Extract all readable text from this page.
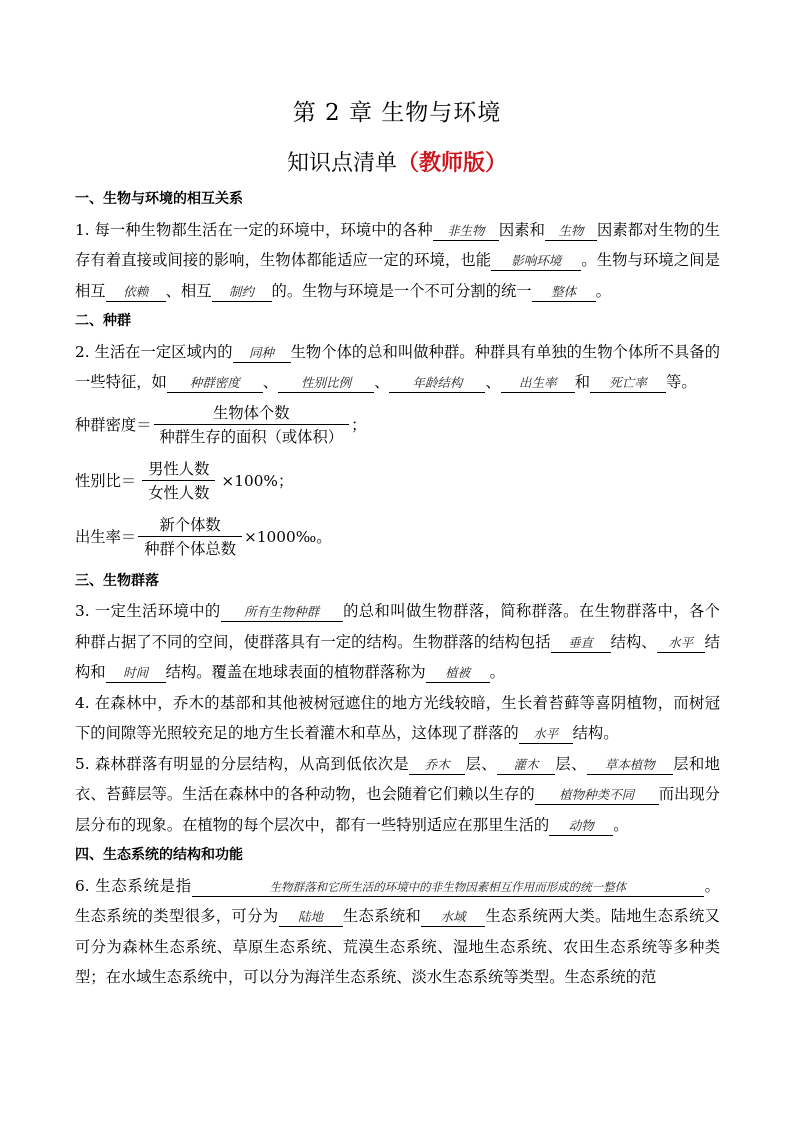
第 2 章 生物与环境
知识点清单（教师版）
一、生物与环境的相互关系

1. 每一种生物都生活在一定的环境中，环境中的各种 非生物 因素和 生物 因素都对生物的生存有着直接或间接的影响，生物体都能适应一定的环境，也能 影响环境 。生物与环境之间是相互 依赖 、相互 制约 的。生物与环境是一个不可分割的统一 整体 。

二、种群

2. 生活在一定区域内的 同种 生物个体的总和叫做种群。种群具有单独的生物个体所不具备的一些特征，如 种群密度 、 性别比例 、 年龄结构 、 出生率 和 死亡率 等。

种群密度＝ $\frac{\text{生物体个数}}{\text{种群生存的面积（或体积）}}$ ；
性别比＝ $\frac{\text{男性人数}}{\text{女性人数}} \times 100\%$；
出生率＝ $\frac{\text{新个体数}}{\text{种群个体总数}}$ ×1000‰。
三、生物群落

3. 一定生活环境中的 所有生物种群 的总和叫做生物群落，简称群落。在生物群落中，各个种群占据了不同的空间，使群落具有一定的结构。生物群落的结构包括 垂直 结构、 水平 结构和 时间 结构。覆盖在地球表面的植物群落称为 植被 。

4. 在森林中，乔木的基部和其他被树冠遮住的地方光线较暗，生长着苔藓等喜阴植物，而树冠下的间隙等光照较充足的地方生长着灌木和草丛，这体现了群落的 水平 结构。

5. 森林群落有明显的分层结构，从高到低依次是 乔木 层、 灌木 层、 草本植物 层和地衣、苔藓层等。生活在森林中的各种动物，也会随着它们赖以生存的 植物种类不同 而出现分层分布的现象。在植物的每个层次中，都有一些特别适应在那里生活的 动物 。

四、生态系统的结构和功能

6. 生态系统是指	生物群落和它所生活的环境中的非生物因素相互作用而形成的统一整体	。生态系统的类型很多，可分为 陆地 生态系统和 水域 生态系统两大类。陆地生态系统又可分为森林生态系统、草原生态系统、荒漠生态系统、湿地生态系统、农田生态系统等多种类型；在水域生态系统中，可以分为海洋生态系统、淡水生态系统等类型。生态系统的范
